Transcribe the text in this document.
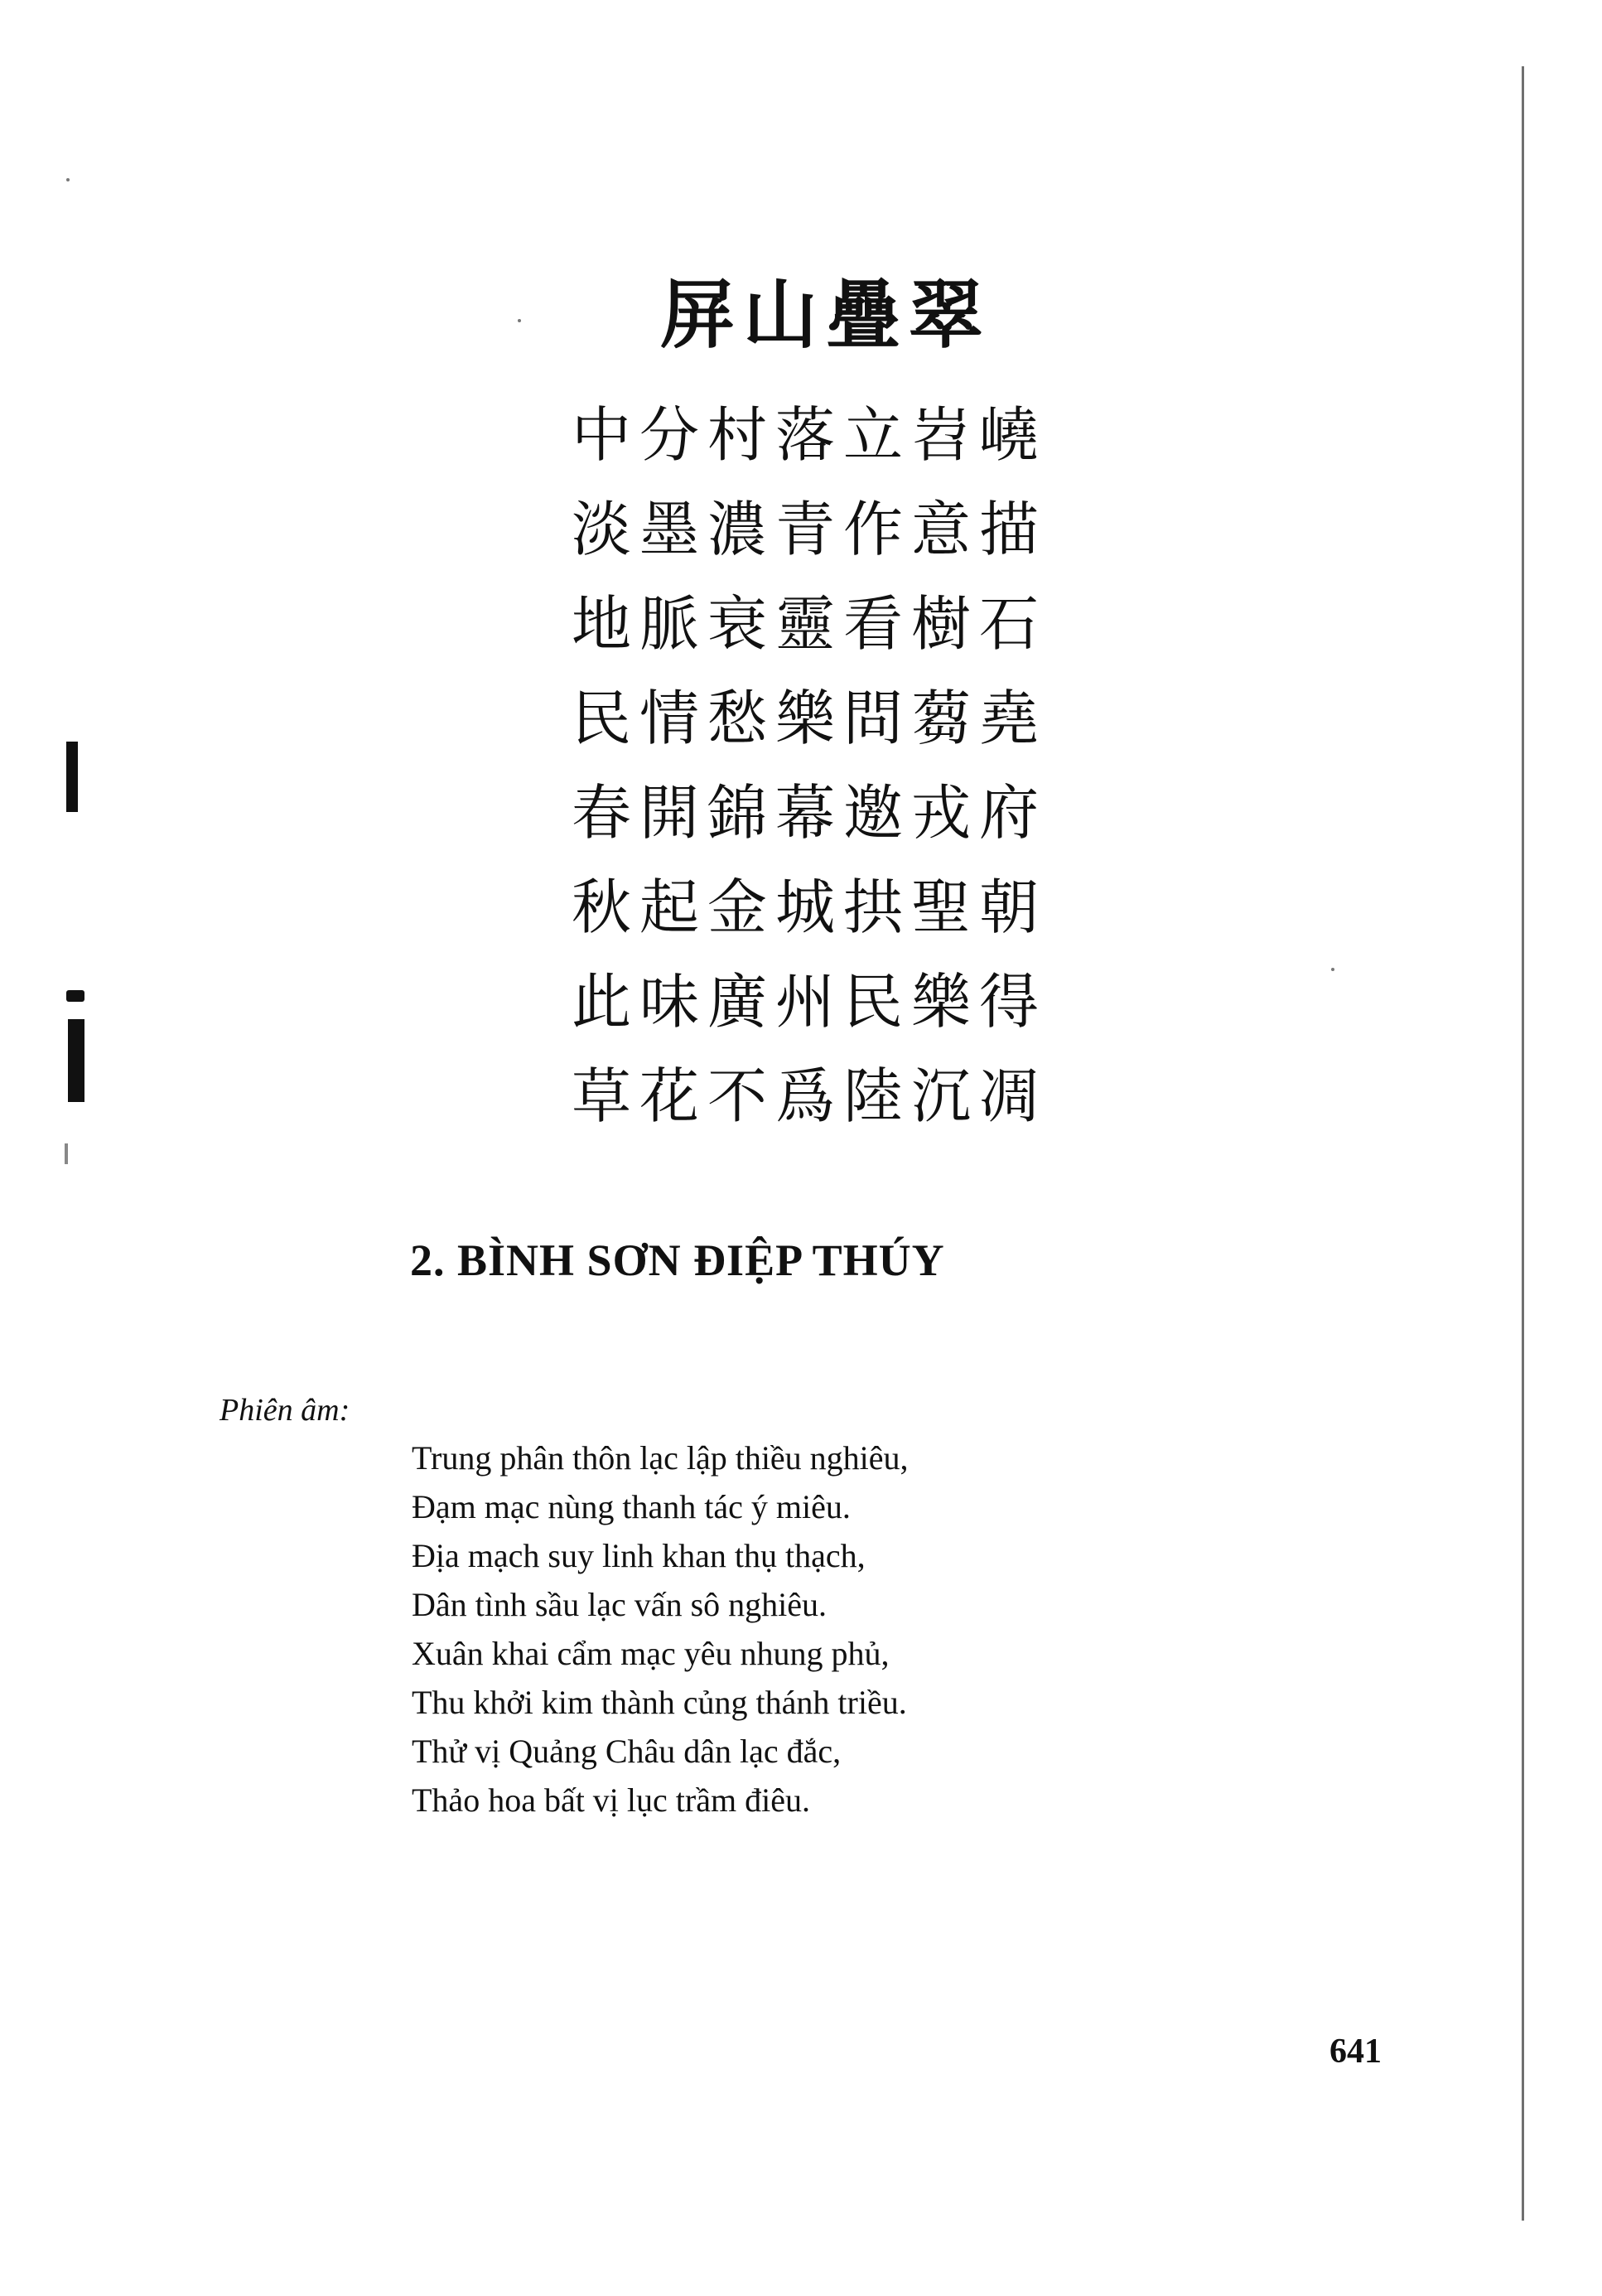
屏山疊翠
中分村落立岧嶢
淡墨濃青作意描
地脈衰靈看樹石
民情愁樂問蒭堯
春開錦幕邀戎府
秋起金城拱聖朝
此味廣州民樂得
草花不爲陸沉凋
2. BÌNH SƠN ĐIỆP THÚY
Phiên âm:
Trung phân thôn lạc lập thiều nghiêu,
Đạm mạc nùng thanh tác ý miêu.
Địa mạch suy linh khan thụ thạch,
Dân tình sầu lạc vấn sô nghiêu.
Xuân khai cẩm mạc yêu nhung phủ,
Thu khởi kim thành củng thánh triều.
Thử vị Quảng Châu dân lạc đắc,
Thảo hoa bất vị lục trầm điêu.
641
